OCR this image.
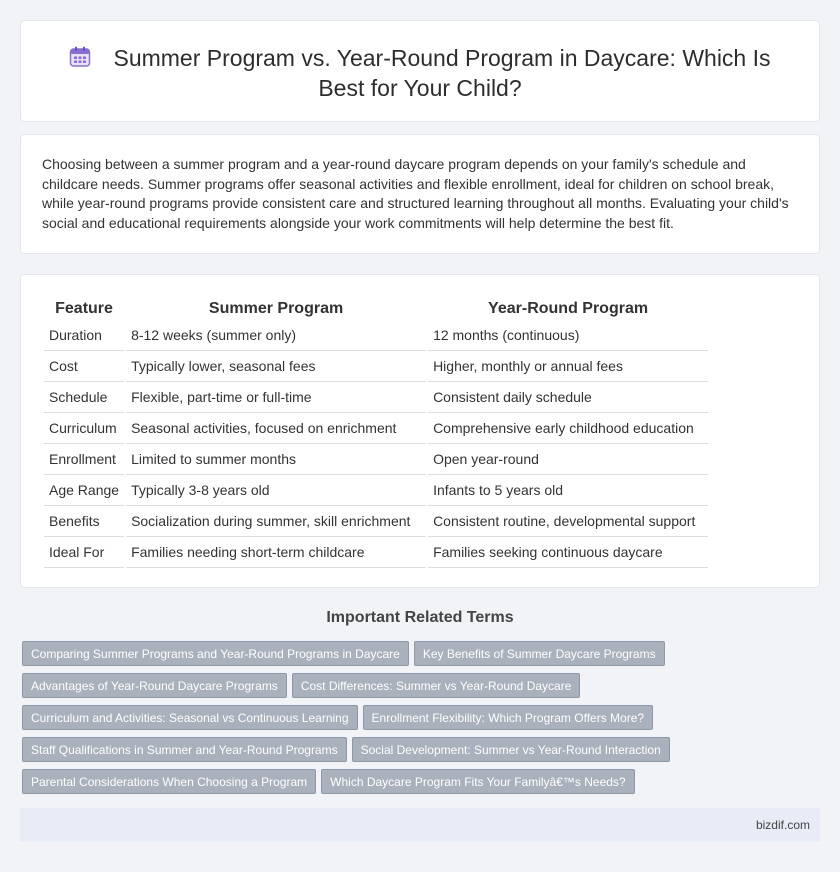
Summer Program vs. Year-Round Program in Daycare: Which Is Best for Your Child?

Choosing between a summer program and a year-round daycare program depends on your family's schedule and childcare needs. Summer programs offer seasonal activities and flexible enrollment, ideal for children on school break, while year-round programs provide consistent care and structured learning throughout all months. Evaluating your child's social and educational requirements alongside your work commitments will help determine the best fit.

Feature	Summer Program	Year-Round Program
Duration	8-12 weeks (summer only)	12 months (continuous)
Cost	Typically lower, seasonal fees	Higher, monthly or annual fees
Schedule	Flexible, part-time or full-time	Consistent daily schedule
Curriculum	Seasonal activities, focused on enrichment	Comprehensive early childhood education
Enrollment	Limited to summer months	Open year-round
Age Range	Typically 3-8 years old	Infants to 5 years old
Benefits	Socialization during summer, skill enrichment	Consistent routine, developmental support
Ideal For	Families needing short-term childcare	Families seeking continuous daycare
Important Related Terms
Comparing Summer Programs and Year-Round Programs in Daycare Key Benefits of Summer Daycare Programs
Advantages of Year-Round Daycare Programs Cost Differences: Summer vs Year-Round Daycare
Curriculum and Activities: Seasonal vs Continuous Learning Enrollment Flexibility: Which Program Offers More?
Staff Qualifications in Summer and Year-Round Programs Social Development: Summer vs Year-Round Interaction
Parental Considerations When Choosing a Program Which Daycare Program Fits Your Familyâ€™s Needs?
bizdif.com
